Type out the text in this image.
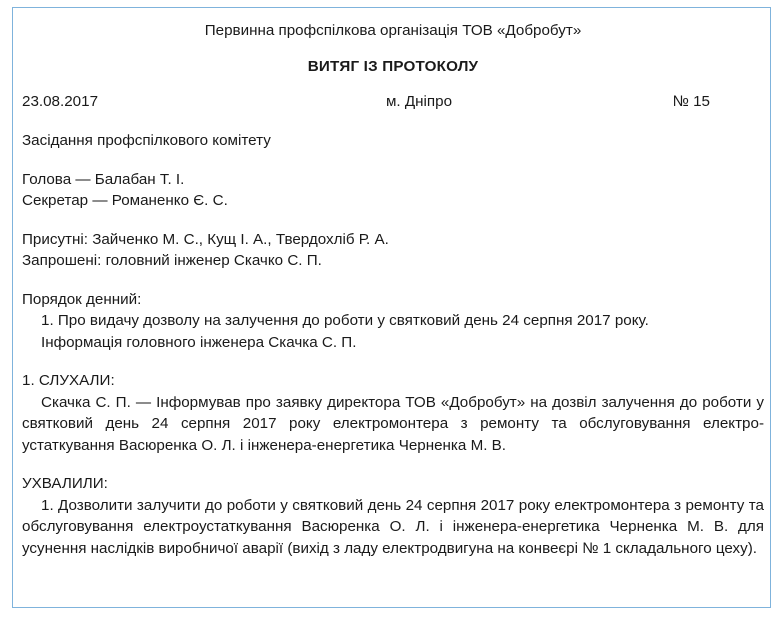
Первинна профспілкова організація ТОВ «Добробут»

ВИТЯГ ІЗ ПРОТОКОЛУ

23.08.2017	м. Дніпро	№ 15

Засідання профспілкового комітету

Голова — Балабан Т. І.

Секретар — Романенко Є. С.

Присутні: Зайченко М. С., Кущ І. А., Твердохліб Р. А.

Запрошені: головний інженер Скачко С. П.

Порядок денний:

1. Про видачу дозволу на залучення до роботи у святковий день 24 серпня 2017 року.

Інформація головного інженера Скачка С. П.

1. СЛУХАЛИ:

Скачка С. П. — Інформував про заявку директора ТОВ «Добробут» на дозвіл залучення до роботи у святковий день 24 серпня 2017 року електромонтера з ремонту та обслуговування електро-устаткування Васюренка О. Л. і інженера-енергетика Черненка М. В.

УХВАЛИЛИ:

1. Дозволити залучити до роботи у святковий день 24 серпня 2017 року електромонтера з ремонту та обслуговування електроустаткування Васюренка О. Л. і інженера-енергетика Черненка М. В. для усунення наслідків виробничої аварії (вихід з ладу електродвигуна на конвеєрі № 1 складального цеху).
